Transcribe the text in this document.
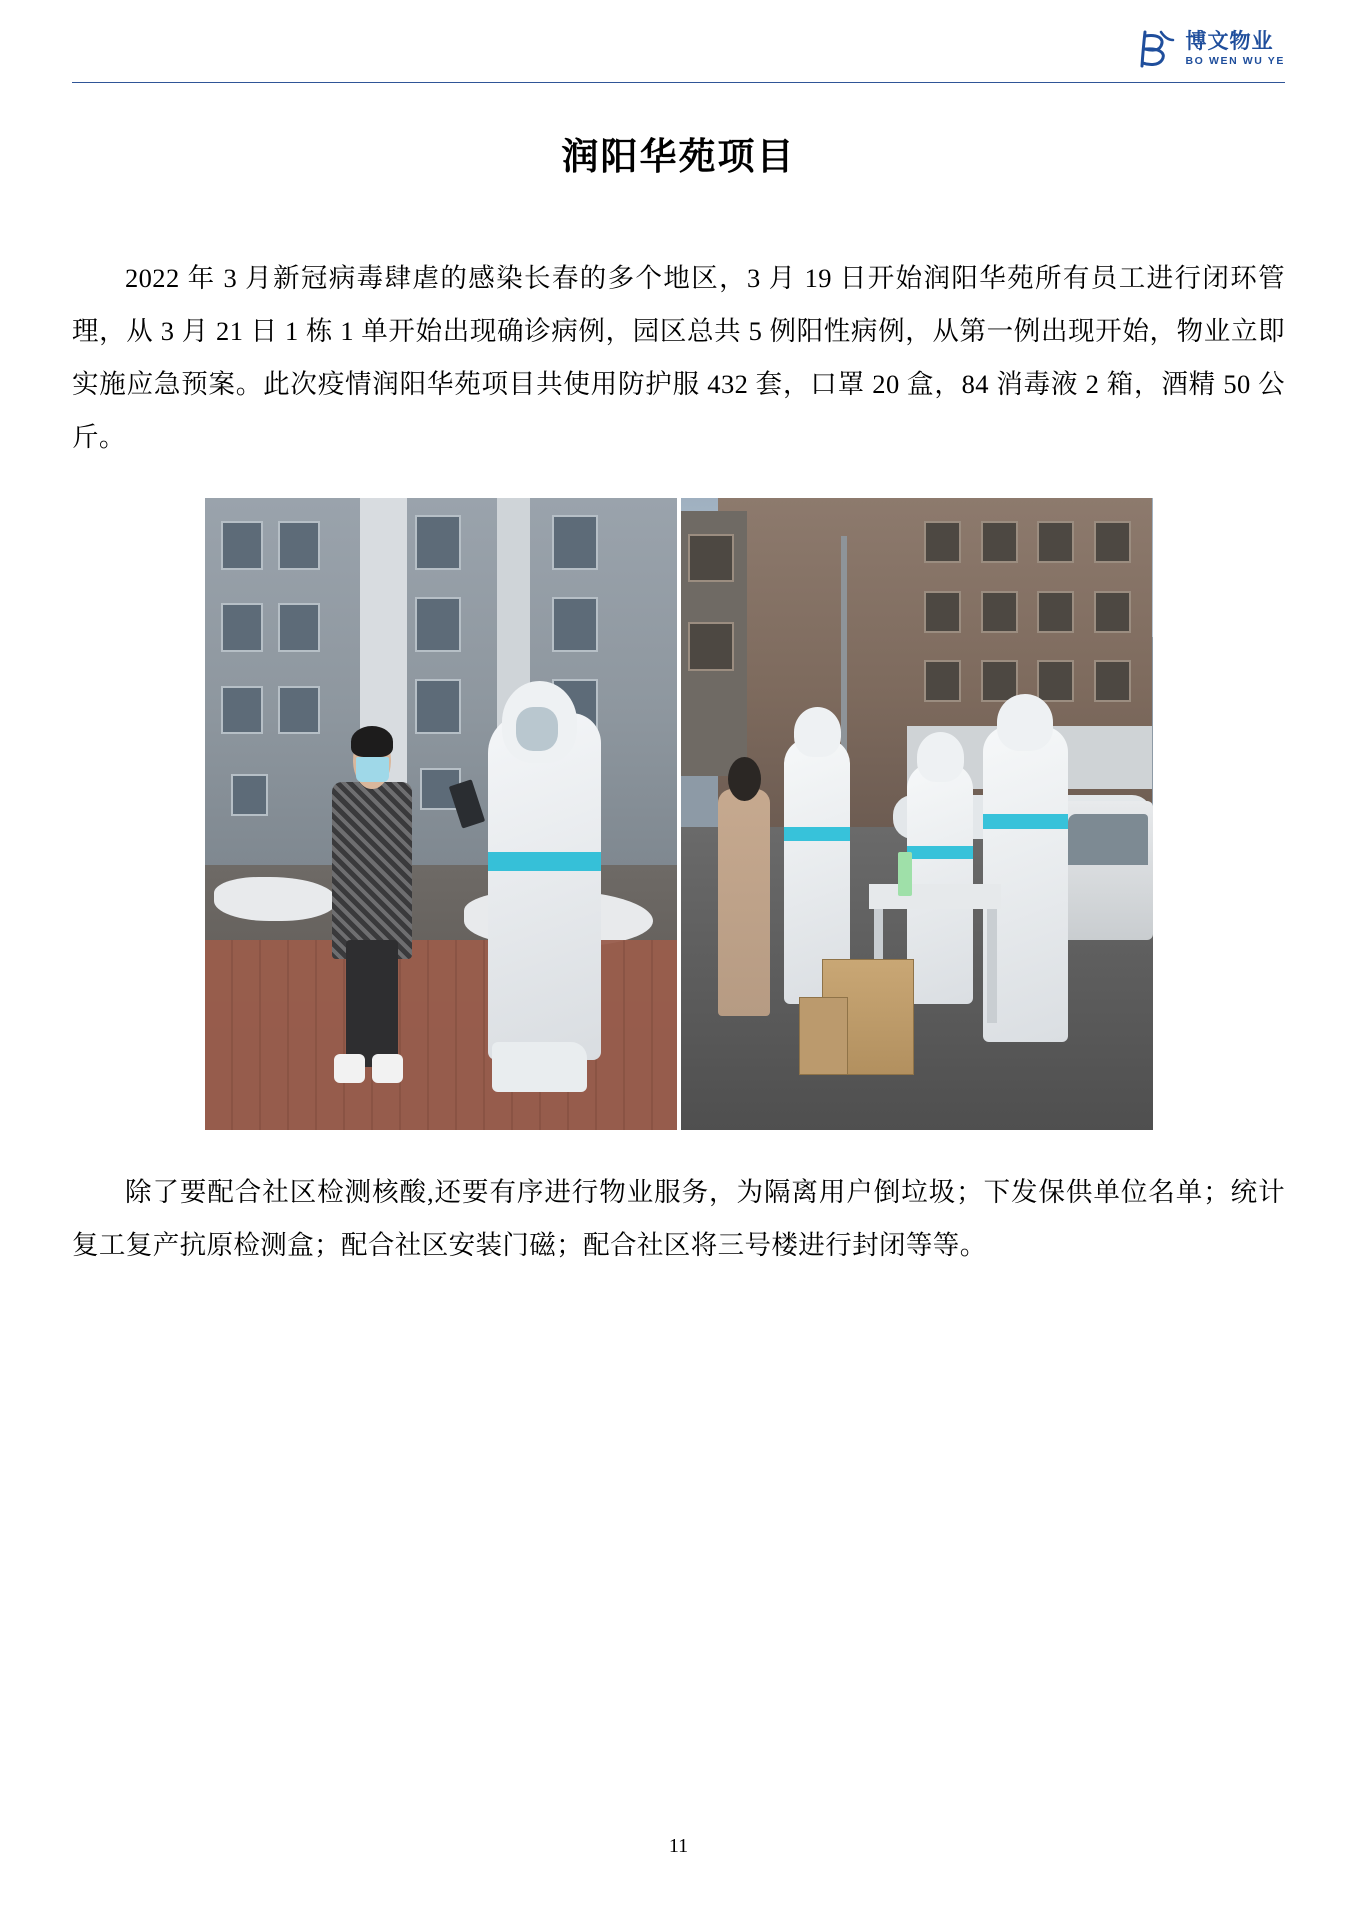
博文物业
BO WEN WU YE
润阳华苑项目

2022 年 3 月新冠病毒肆虐的感染长春的多个地区，3 月 19 日开始润阳华苑所有员工进行闭环管理，从 3 月 21 日 1 栋 1 单开始出现确诊病例，园区总共 5 例阳性病例，从第一例出现开始，物业立即实施应急预案。此次疫情润阳华苑项目共使用防护服 432 套，口罩 20 盒，84 消毒液 2 箱，酒精 50 公斤。

除了要配合社区检测核酸,还要有序进行物业服务，为隔离用户倒垃圾；下发保供单位名单；统计复工复产抗原检测盒；配合社区安装门磁；配合社区将三号楼进行封闭等等。

11
